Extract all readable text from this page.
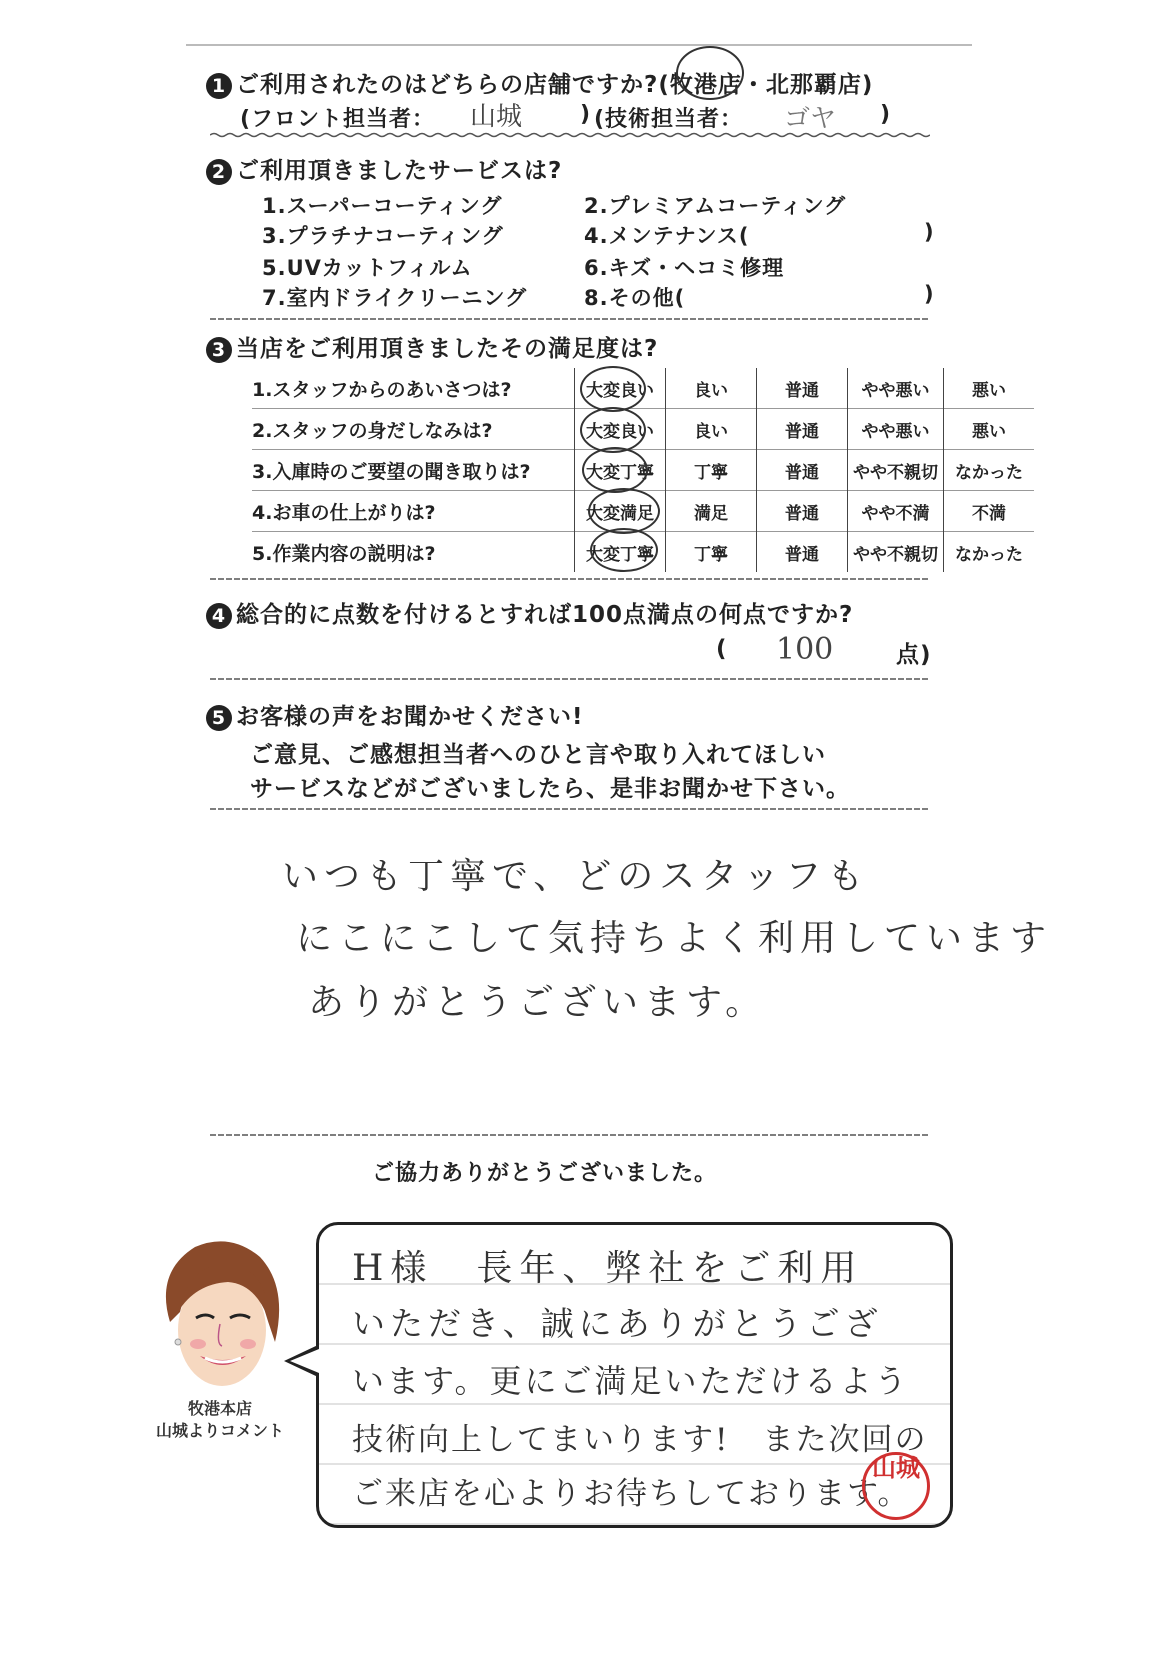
1 ご利用されたのはどちらの店舗ですか?(牧港店・北那覇店)
(フロント担当者： 山城	) (技術担当者： ゴヤ )
2 ご利用頂きましたサービスは?
1.スーパーコーティング	2.プレミアムコーティング
3.プラチナコーティング	4.メンテナンス(	)
5.UVカットフィルム	6.キズ・ヘコミ修理
7.室内ドライクリーニング	8.その他(	)
3 当店をご利用頂きましたその満足度は?
1.スタッフからのあいさつは?	大変良い	良い	普通	やや悪い	悪い
2.スタッフの身だしなみは?	大変良い	良い	普通	やや悪い	悪い
3.入庫時のご要望の聞き取りは?	大変丁寧	丁寧	普通	やや不親切	なかった
4.お車の仕上がりは?	大変満足	満足	普通	やや不満	不満
5.作業内容の説明は?	大変丁寧	丁寧	普通	やや不親切	なかった
4 総合的に点数を付けるとすれば100点満点の何点ですか?
( 100	点)
5 お客様の声をお聞かせください!
ご意見、ご感想担当者へのひと言や取り入れてほしい
サービスなどがございましたら、是非お聞かせ下さい。
いつも丁寧で、どのスタッフも
にこにこして気持ちよく利用しています
ありがとうございます。
ご協力ありがとうございました。
牧港本店
山城よりコメント
H様　長年、弊社をご利用
いただき、誠にありがとうござ
います。更にご満足いただけるよう
技術向上してまいります!　また次回の
ご来店を心よりお待ちしております。
山城
